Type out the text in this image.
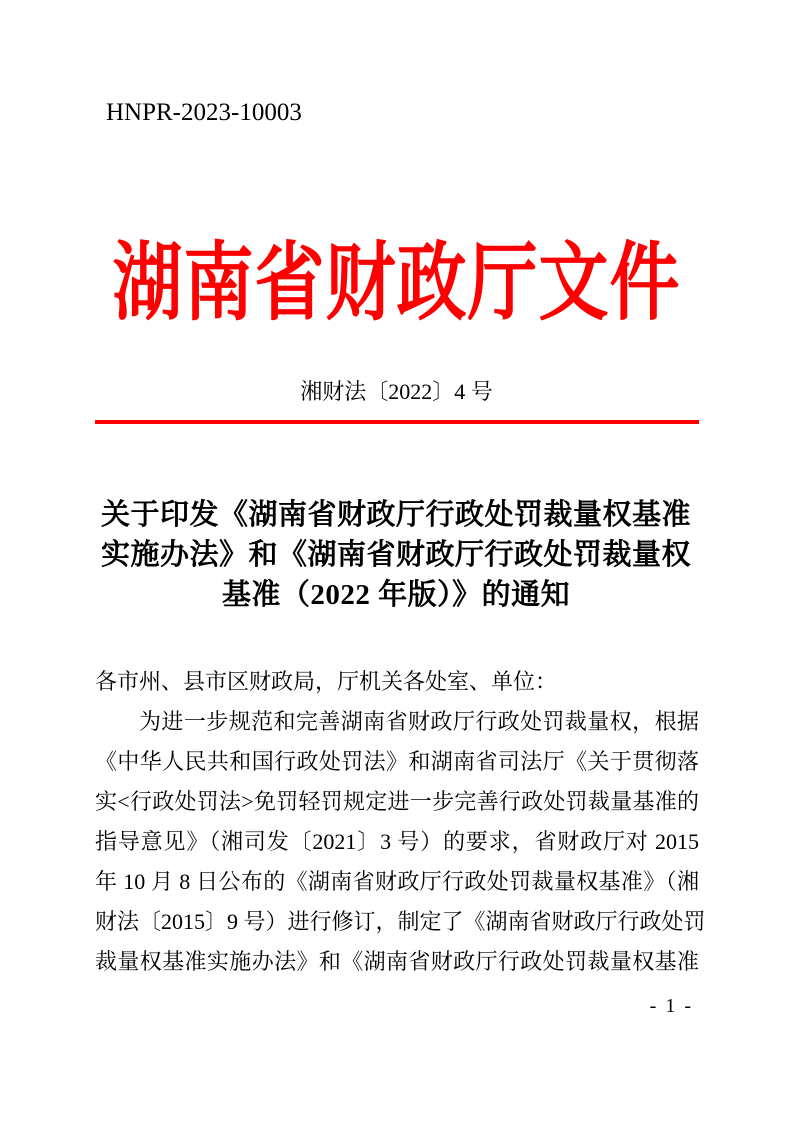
HNPR-2023-10003
湖南省财政厅文件
湘财法〔2022〕4 号
关于印发《湖南省财政厅行政处罚裁量权基准
实施办法》和《湖南省财政厅行政处罚裁量权
基准（2022 年版）》的通知
各市州、县市区财政局，厅机关各处室、单位：
为进一步规范和完善湖南省财政厅行政处罚裁量权，根据
《中华人民共和国行政处罚法》和湖南省司法厅《关于贯彻落
实<行政处罚法>免罚轻罚规定进一步完善行政处罚裁量基准的
指导意见》（湘司发〔2021〕3 号）的要求，省财政厅对 2015
年 10 月 8 日公布的《湖南省财政厅行政处罚裁量权基准》（湘
财法〔2015〕9 号）进行修订，制定了《湖南省财政厅行政处罚
裁量权基准实施办法》和《湖南省财政厅行政处罚裁量权基准
- 1 -
